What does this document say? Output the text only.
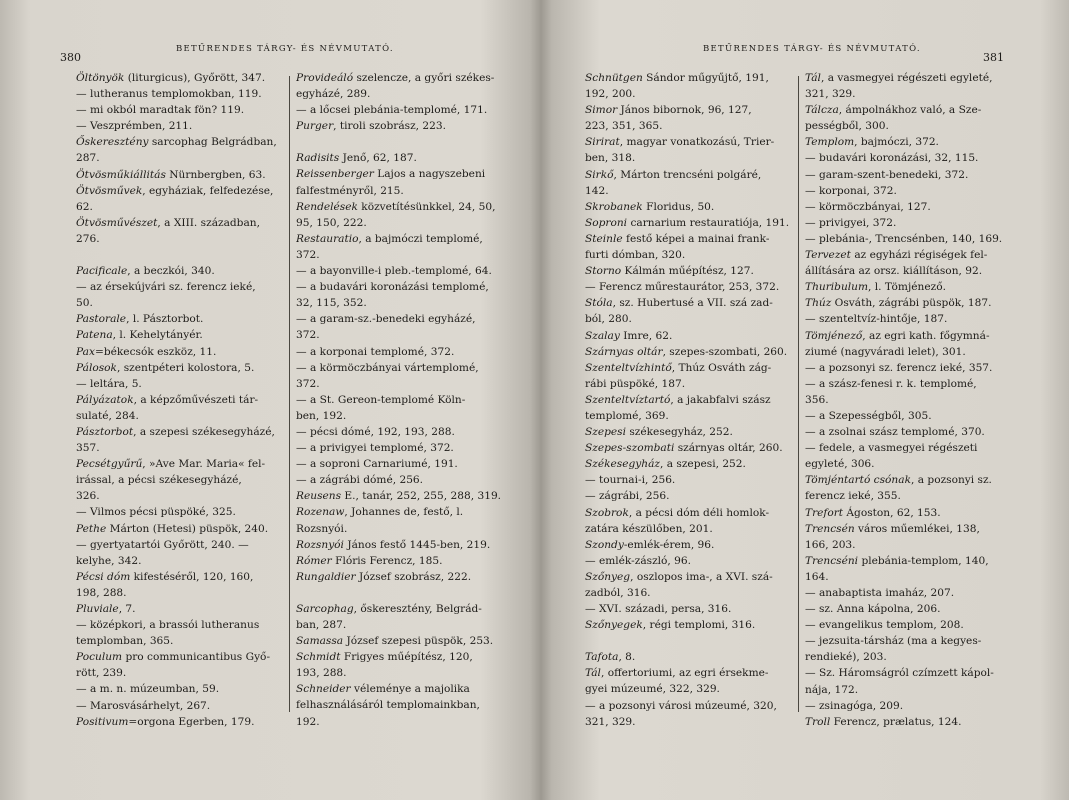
380
BETŰRENDES TÁRGY- ÉS NÉVMUTATÓ.
Öltönyök (liturgicus), Győrött, 347.
— lutheranus templomokban, 119.
— mi okból maradtak fön? 119.
— Veszprémben, 211.
Őskeresztény sarcophag Belgrádban,
287.
Ötvösműkiállitás Nürnbergben, 63.
Ötvösművek, egyháziak, felfedezése,
62.
Ötvösművészet, a XIII. században,
276.
Pacificale, a beczkói, 340.
— az érsekújvári sz. ferencz ieké,
50.
Pastorale, l. Pásztorbot.
Patena, l. Kehelytányér.
Pax=békecsók eszköz, 11.
Pálosok, szentpéteri kolostora, 5.
— leltára, 5.
Pályázatok, a képzőművészeti tár-
sulaté, 284.
Pásztorbot, a szepesi székesegyházé,
357.
Pecsétgyűrű, »Ave Mar. Maria« fel-
irással, a pécsi székesegyházé,
326.
— Vilmos pécsi püspöké, 325.
Pethe Márton (Hetesi) püspök, 240.
— gyertyatartói Győrött, 240. —
kelyhe, 342.
Pécsi dóm kifestéséről, 120, 160,
198, 288.
Pluviale, 7.
— középkori, a brassói lutheranus
templomban, 365.
Poculum pro communicantibus Győ-
rött, 239.
— a m. n. múzeumban, 59.
— Marosvásárhelyt, 267.
Positivum=orgona Egerben, 179.
Provideáló szelencze, a győri székes-
egyházé, 289.
— a lőcsei plebánia-templomé, 171.
Purger, tiroli szobrász, 223.
Radisits Jenő, 62, 187.
Reissenberger Lajos a nagyszebeni
falfestményről, 215.
Rendelések közvetítésünkkel, 24, 50,
95, 150, 222.
Restauratio, a bajmóczi templomé,
372.
— a bayonville-i pleb.-templomé, 64.
— a budavári koronázási templomé,
32, 115, 352.
— a garam-sz.-benedeki egyházé,
372.
— a korponai templomé, 372.
— a körmöczbányai vártemplomé,
372.
— a St. Gereon-templomé Köln-
ben, 192.
— pécsi dómé, 192, 193, 288.
— a privigyei templomé, 372.
— a soproni Carnariumé, 191.
— a zágrábi dómé, 256.
Reusens E., tanár, 252, 255, 288, 319.
Rozenaw, Johannes de, festő, l.
Rozsnyói.
Rozsnyói János festő 1445-ben, 219.
Rómer Flóris Ferencz, 185.
Rungaldier József szobrász, 222.
Sarcophag, őskeresztény, Belgrád-
ban, 287.
Samassa József szepesi püspök, 253.
Schmidt Frigyes műépítész, 120,
193, 288.
Schneider véleménye a majolika
felhasználásáról templomainkban,
192.
BETŰRENDES TÁRGY- ÉS NÉVMUTATÓ.
381
Schnütgen Sándor műgyűjtő, 191,
192, 200.
Simor János bibornok, 96, 127,
223, 351, 365.
Sirirat, magyar vonatkozású, Trier-
ben, 318.
Sirkő, Márton trencséni polgáré,
142.
Skrobanek Floridus, 50.
Soproni carnarium restauratiója, 191.
Steinle festő képei a mainai frank-
furti dómban, 320.
Storno Kálmán műépítész, 127.
— Ferencz műrestaurátor, 253, 372.
Stóla, sz. Hubertusé a VII. szá zad-
ból, 280.
Szalay Imre, 62.
Szárnyas oltár, szepes-szombati, 260.
Szenteltvízhintő, Thúz Osváth zág-
rábi püspöké, 187.
Szenteltvíztartó, a jakabfalvi szász
templomé, 369.
Szepesi székesegyház, 252.
Szepes-szombati szárnyas oltár, 260.
Székesegyház, a szepesi, 252.
— tournai-i, 256.
— zágrábi, 256.
Szobrok, a pécsi dóm déli homlok-
zatára készülőben, 201.
Szondy-emlék-érem, 96.
— emlék-zászló, 96.
Szőnyeg, oszlopos ima-, a XVI. szá-
zadból, 316.
— XVI. századi, persa, 316.
Szőnyegek, régi templomi, 316.
Tafota, 8.
Tál, offertoriumi, az egri érsekme-
gyei múzeumé, 322, 329.
— a pozsonyi városi múzeumé, 320,
321, 329.
Tál, a vasmegyei régészeti egyleté,
321, 329.
Tálcza, ámpolnákhoz való, a Sze-
pességből, 300.
Templom, bajmóczi, 372.
— budavári koronázási, 32, 115.
— garam-szent-benedeki, 372.
— korponai, 372.
— körmöczbányai, 127.
— privigyei, 372.
— plebánia-, Trencsénben, 140, 169.
Tervezet az egyházi régiségek fel-
állítására az orsz. kiállításon, 92.
Thuribulum, l. Tömjénező.
Thúz Osváth, zágrábi püspök, 187.
— szenteltvíz-hintője, 187.
Tömjénező, az egri kath. főgymná-
ziumé (nagyváradi lelet), 301.
— a pozsonyi sz. ferencz ieké, 357.
— a szász-fenesi r. k. templomé,
356.
— a Szepességből, 305.
— a zsolnai szász templomé, 370.
— fedele, a vasmegyei régészeti
egyleté, 306.
Tömjéntartó csónak, a pozsonyi sz.
ferencz ieké, 355.
Trefort Ágoston, 62, 153.
Trencsén város műemlékei, 138,
166, 203.
Trencséni plebánia-templom, 140,
164.
— anabaptista imaház, 207.
— sz. Anna kápolna, 206.
— evangelikus templom, 208.
— jezsuita-társház (ma a kegyes-
rendieké), 203.
— Sz. Háromságról czímzett kápol-
nája, 172.
— zsinagóga, 209.
Troll Ferencz, prælatus, 124.
